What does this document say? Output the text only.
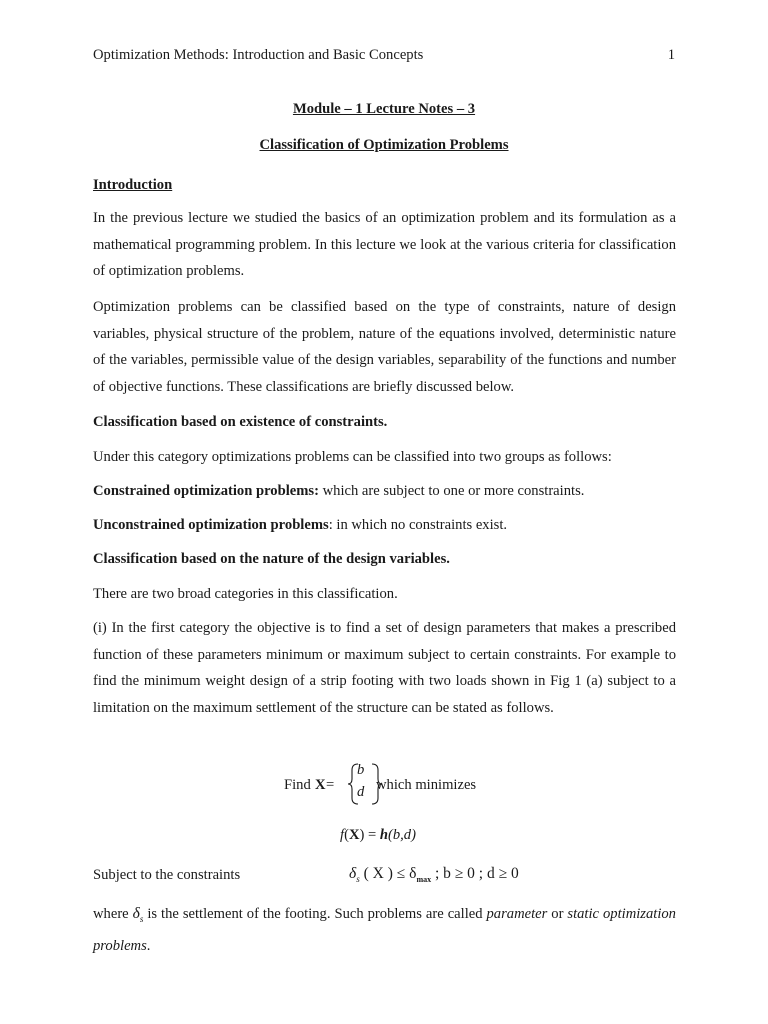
Optimization Methods: Introduction and Basic Concepts	1
Module – 1 Lecture Notes – 3
Classification of Optimization Problems
Introduction
In the previous lecture we studied the basics of an optimization problem and its formulation as a mathematical programming problem. In this lecture we look at the various criteria for classification of optimization problems.
Optimization problems can be classified based on the type of constraints, nature of design variables, physical structure of the problem, nature of the equations involved, deterministic nature of the variables, permissible value of the design variables, separability of the functions and number of objective functions. These classifications are briefly discussed below.
Classification based on existence of constraints.
Under this category optimizations problems can be classified into two groups as follows:
Constrained optimization problems: which are subject to one or more constraints.
Unconstrained optimization problems: in which no constraints exist.
Classification based on the nature of the design variables.
There are two broad categories in this classification.
(i) In the first category the objective is to find a set of design parameters that makes a prescribed function of these parameters minimum or maximum subject to certain constraints. For example to find the minimum weight design of a strip footing with two loads shown in Fig 1 (a) subject to a limitation on the maximum settlement of the structure can be stated as follows.
Find X =
b
d which minimizes
f(X) = h(b,d)
Subject to the constraints	$\delta_s$ ( X ) ≤ $\delta_{max}$ ; b ≥ 0 ; d ≥ 0
where $\delta_s$ is the settlement of the footing. Such problems are called parameter or static optimization problems.
